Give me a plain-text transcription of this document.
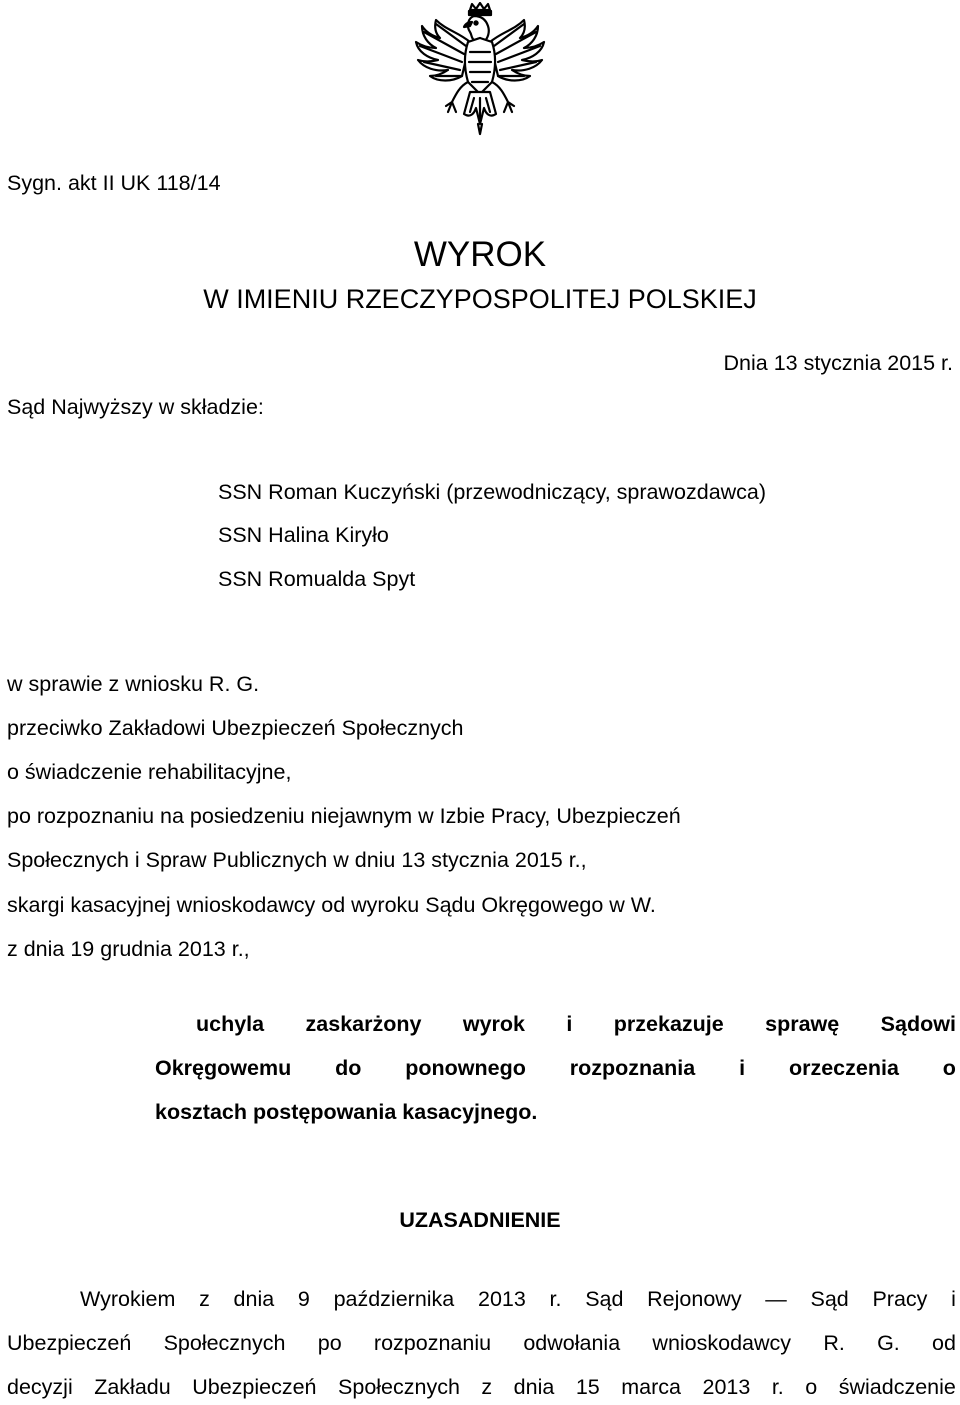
Sygn. akt II UK 118/14
WYROK
W IMIENIU RZECZYPOSPOLITEJ POLSKIEJ
Dnia 13 stycznia 2015 r.
Sąd Najwyższy w składzie:
SSN Roman Kuczyński (przewodniczący, sprawozdawca)
SSN Halina Kiryło
SSN Romualda Spyt
w sprawie z wniosku R. G.
przeciwko Zakładowi Ubezpieczeń Społecznych
o świadczenie rehabilitacyjne,
po rozpoznaniu na posiedzeniu niejawnym w Izbie Pracy, Ubezpieczeń
Społecznych i Spraw Publicznych w dniu 13 stycznia 2015 r.,
skargi kasacyjnej wnioskodawcy od wyroku Sądu Okręgowego w W.
z dnia 19 grudnia 2013 r.,
uchyla zaskarżony wyrok i przekazuje sprawę Sądowi
Okręgowemu do ponownego rozpoznania i orzeczenia o
kosztach postępowania kasacyjnego.
UZASADNIENIE
Wyrokiem z dnia 9 października 2013 r. Sąd Rejonowy — Sąd Pracy i
Ubezpieczeń Społecznych po rozpoznaniu odwołania wnioskodawcy R. G. od
decyzji Zakładu Ubezpieczeń Społecznych z dnia 15 marca 2013 r. o świadczenie
